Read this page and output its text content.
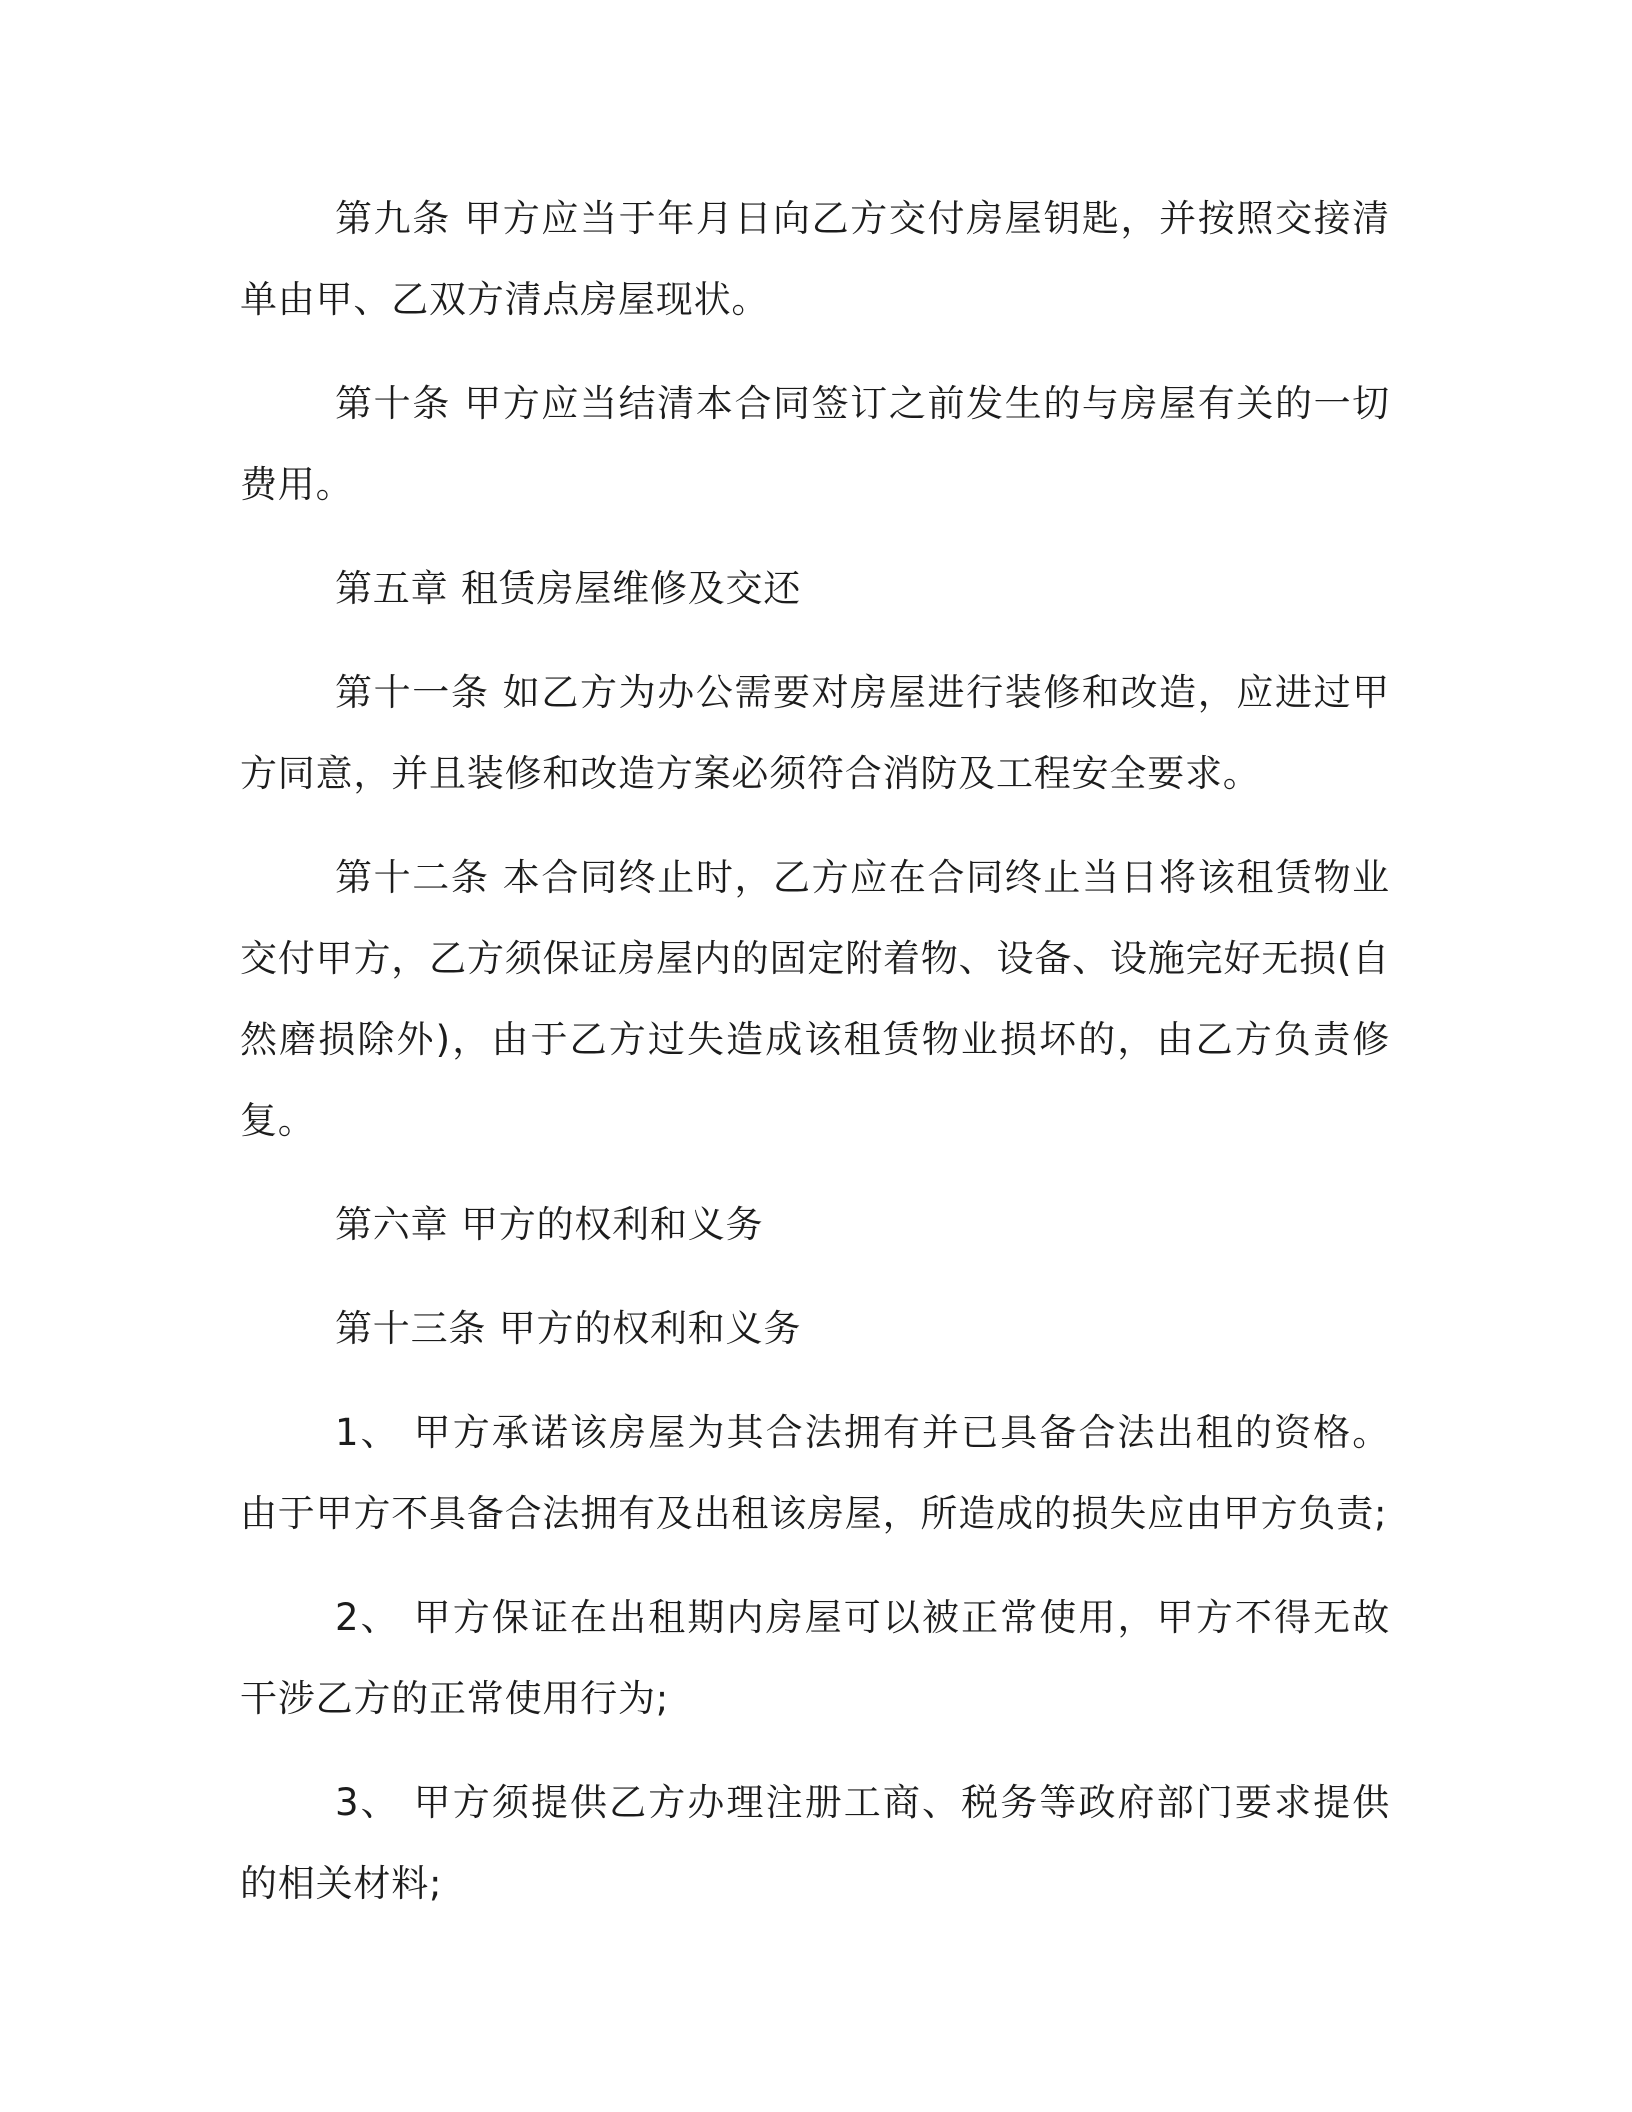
第九条 甲方应当于年月日向乙方交付房屋钥匙，并按照交接清单由甲、乙双方清点房屋现状。

第十条 甲方应当结清本合同签订之前发生的与房屋有关的一切费用。

第五章 租赁房屋维修及交还

第十一条 如乙方为办公需要对房屋进行装修和改造，应进过甲方同意，并且装修和改造方案必须符合消防及工程安全要求。

第十二条 本合同终止时，乙方应在合同终止当日将该租赁物业交付甲方，乙方须保证房屋内的固定附着物、设备、设施完好无损(自然磨损除外)，由于乙方过失造成该租赁物业损坏的，由乙方负责修复。

第六章 甲方的权利和义务

第十三条 甲方的权利和义务

1、 甲方承诺该房屋为其合法拥有并已具备合法出租的资格。由于甲方不具备合法拥有及出租该房屋，所造成的损失应由甲方负责;

2、 甲方保证在出租期内房屋可以被正常使用，甲方不得无故干涉乙方的正常使用行为;

3、 甲方须提供乙方办理注册工商、税务等政府部门要求提供的相关材料;
